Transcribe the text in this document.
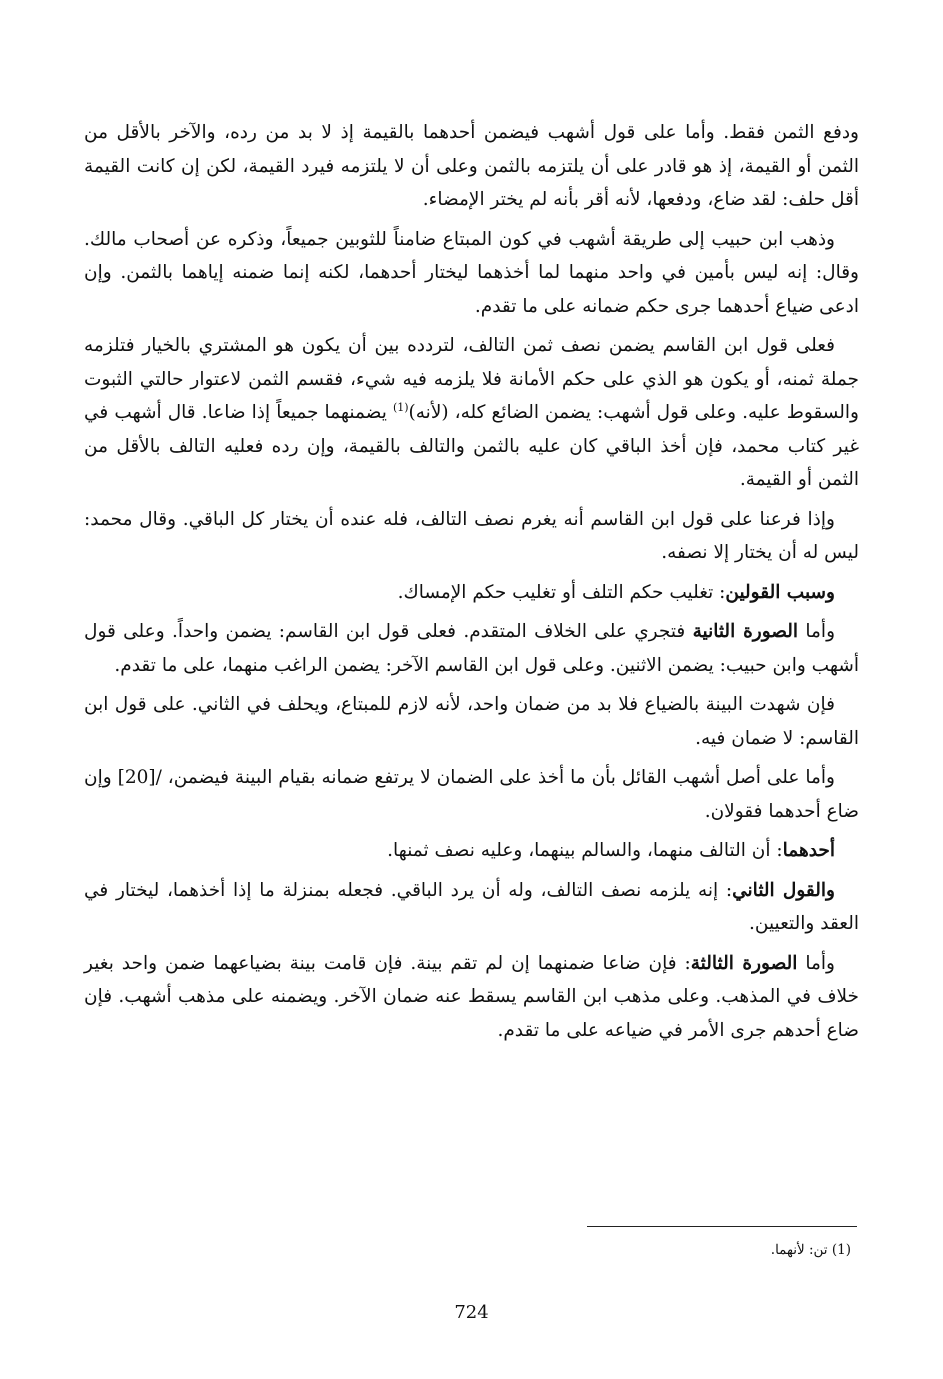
ودفع الثمن فقط. وأما على قول أشهب فيضمن أحدهما بالقيمة إذ لا بد من رده، والآخر بالأقل من الثمن أو القيمة، إذ هو قادر على أن يلتزمه بالثمن وعلى أن لا يلتزمه فيرد القيمة، لكن إن كانت القيمة أقل حلف: لقد ضاع، ودفعها، لأنه أقر بأنه لم يختر الإمضاء.

وذهب ابن حبيب إلى طريقة أشهب في كون المبتاع ضامناً للثوبين جميعاً، وذكره عن أصحاب مالك. وقال: إنه ليس بأمين في واحد منهما لما أخذهما ليختار أحدهما، لكنه إنما ضمنه إياهما بالثمن. وإن ادعى ضياع أحدهما جرى حكم ضمانه على ما تقدم.

فعلى قول ابن القاسم يضمن نصف ثمن التالف، لتردده بين أن يكون هو المشتري بالخيار فتلزمه جملة ثمنه، أو يكون هو الذي على حكم الأمانة فلا يلزمه فيه شيء، فقسم الثمن لاعتوار حالتي الثبوت والسقوط عليه. وعلى قول أشهب: يضمن الضائع كله، (لأنه)$^{(1)}$ يضمنهما جميعاً إذا ضاعا. قال أشهب في غير كتاب محمد، فإن أخذ الباقي كان عليه بالثمن والتالف بالقيمة، وإن رده فعليه التالف بالأقل من الثمن أو القيمة.

وإذا فرعنا على قول ابن القاسم أنه يغرم نصف التالف، فله عنده أن يختار كل الباقي. وقال محمد: ليس له أن يختار إلا نصفه.

وسبب القولين: تغليب حكم التلف أو تغليب حكم الإمساك.

وأما الصورة الثانية فتجري على الخلاف المتقدم. فعلى قول ابن القاسم: يضمن واحداً. وعلى قول أشهب وابن حبيب: يضمن الاثنين. وعلى قول ابن القاسم الآخر: يضمن الراغب منهما، على ما تقدم.

فإن شهدت البينة بالضياع فلا بد من ضمان واحد، لأنه لازم للمبتاع، ويحلف في الثاني. على قول ابن القاسم: لا ضمان فيه.

وأما على أصل أشهب القائل بأن ما أخذ على الضمان لا يرتفع ضمانه بقيام البينة فيضمن، /[20] وإن ضاع أحدهما فقولان.

أحدهما: أن التالف منهما، والسالم بينهما، وعليه نصف ثمنها.

والقول الثاني: إنه يلزمه نصف التالف، وله أن يرد الباقي. فجعله بمنزلة ما إذا أخذهما، ليختار في العقد والتعيين.

وأما الصورة الثالثة: فإن ضاعا ضمنهما إن لم تقم بينة. فإن قامت بينة بضياعهما ضمن واحد بغير خلاف في المذهب. وعلى مذهب ابن القاسم يسقط عنه ضمان الآخر. ويضمنه على مذهب أشهب. فإن ضاع أحدهم جرى الأمر في ضياعه على ما تقدم.

(1) تن: لأنهما.
724
